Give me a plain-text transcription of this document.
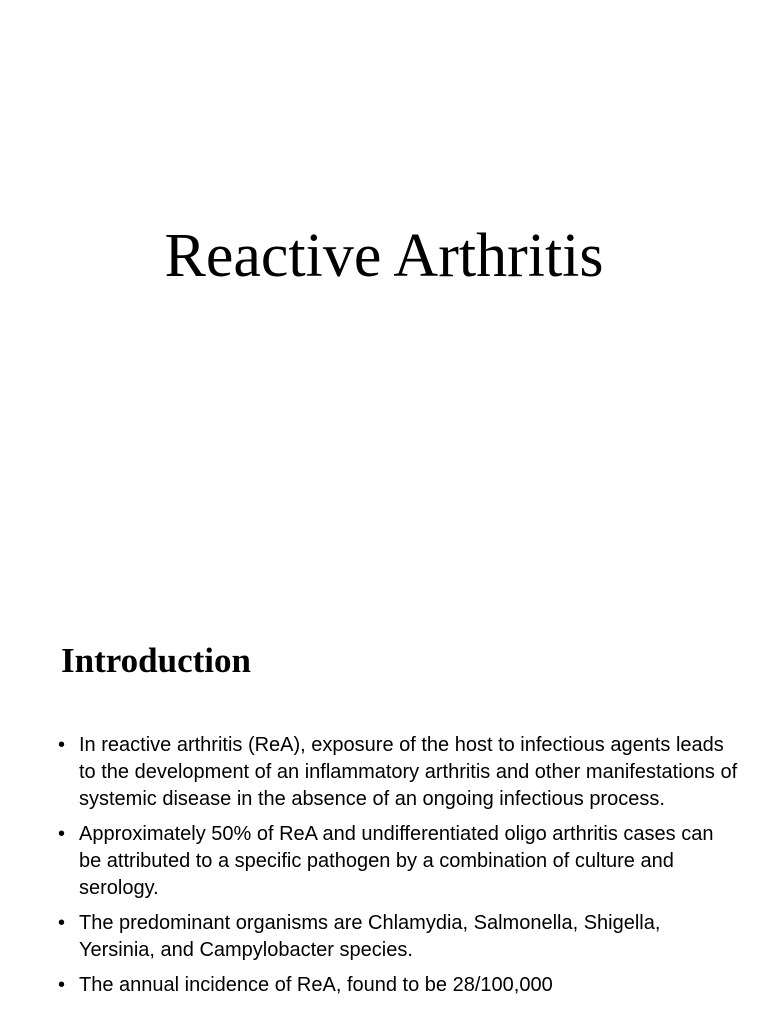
Reactive Arthritis
Introduction
• In reactive arthritis (ReA), exposure of the host to infectious agents leads to the development of an inflammatory arthritis and other manifestations of systemic disease in the absence of an ongoing infectious process.
• Approximately 50% of ReA and undifferentiated oligo arthritis cases can be attributed to a specific pathogen by a combination of culture and serology.
• The predominant organisms are Chlamydia, Salmonella, Shigella, Yersinia, and Campylobacter species.
• The annual incidence of ReA, found to be 28/100,000
